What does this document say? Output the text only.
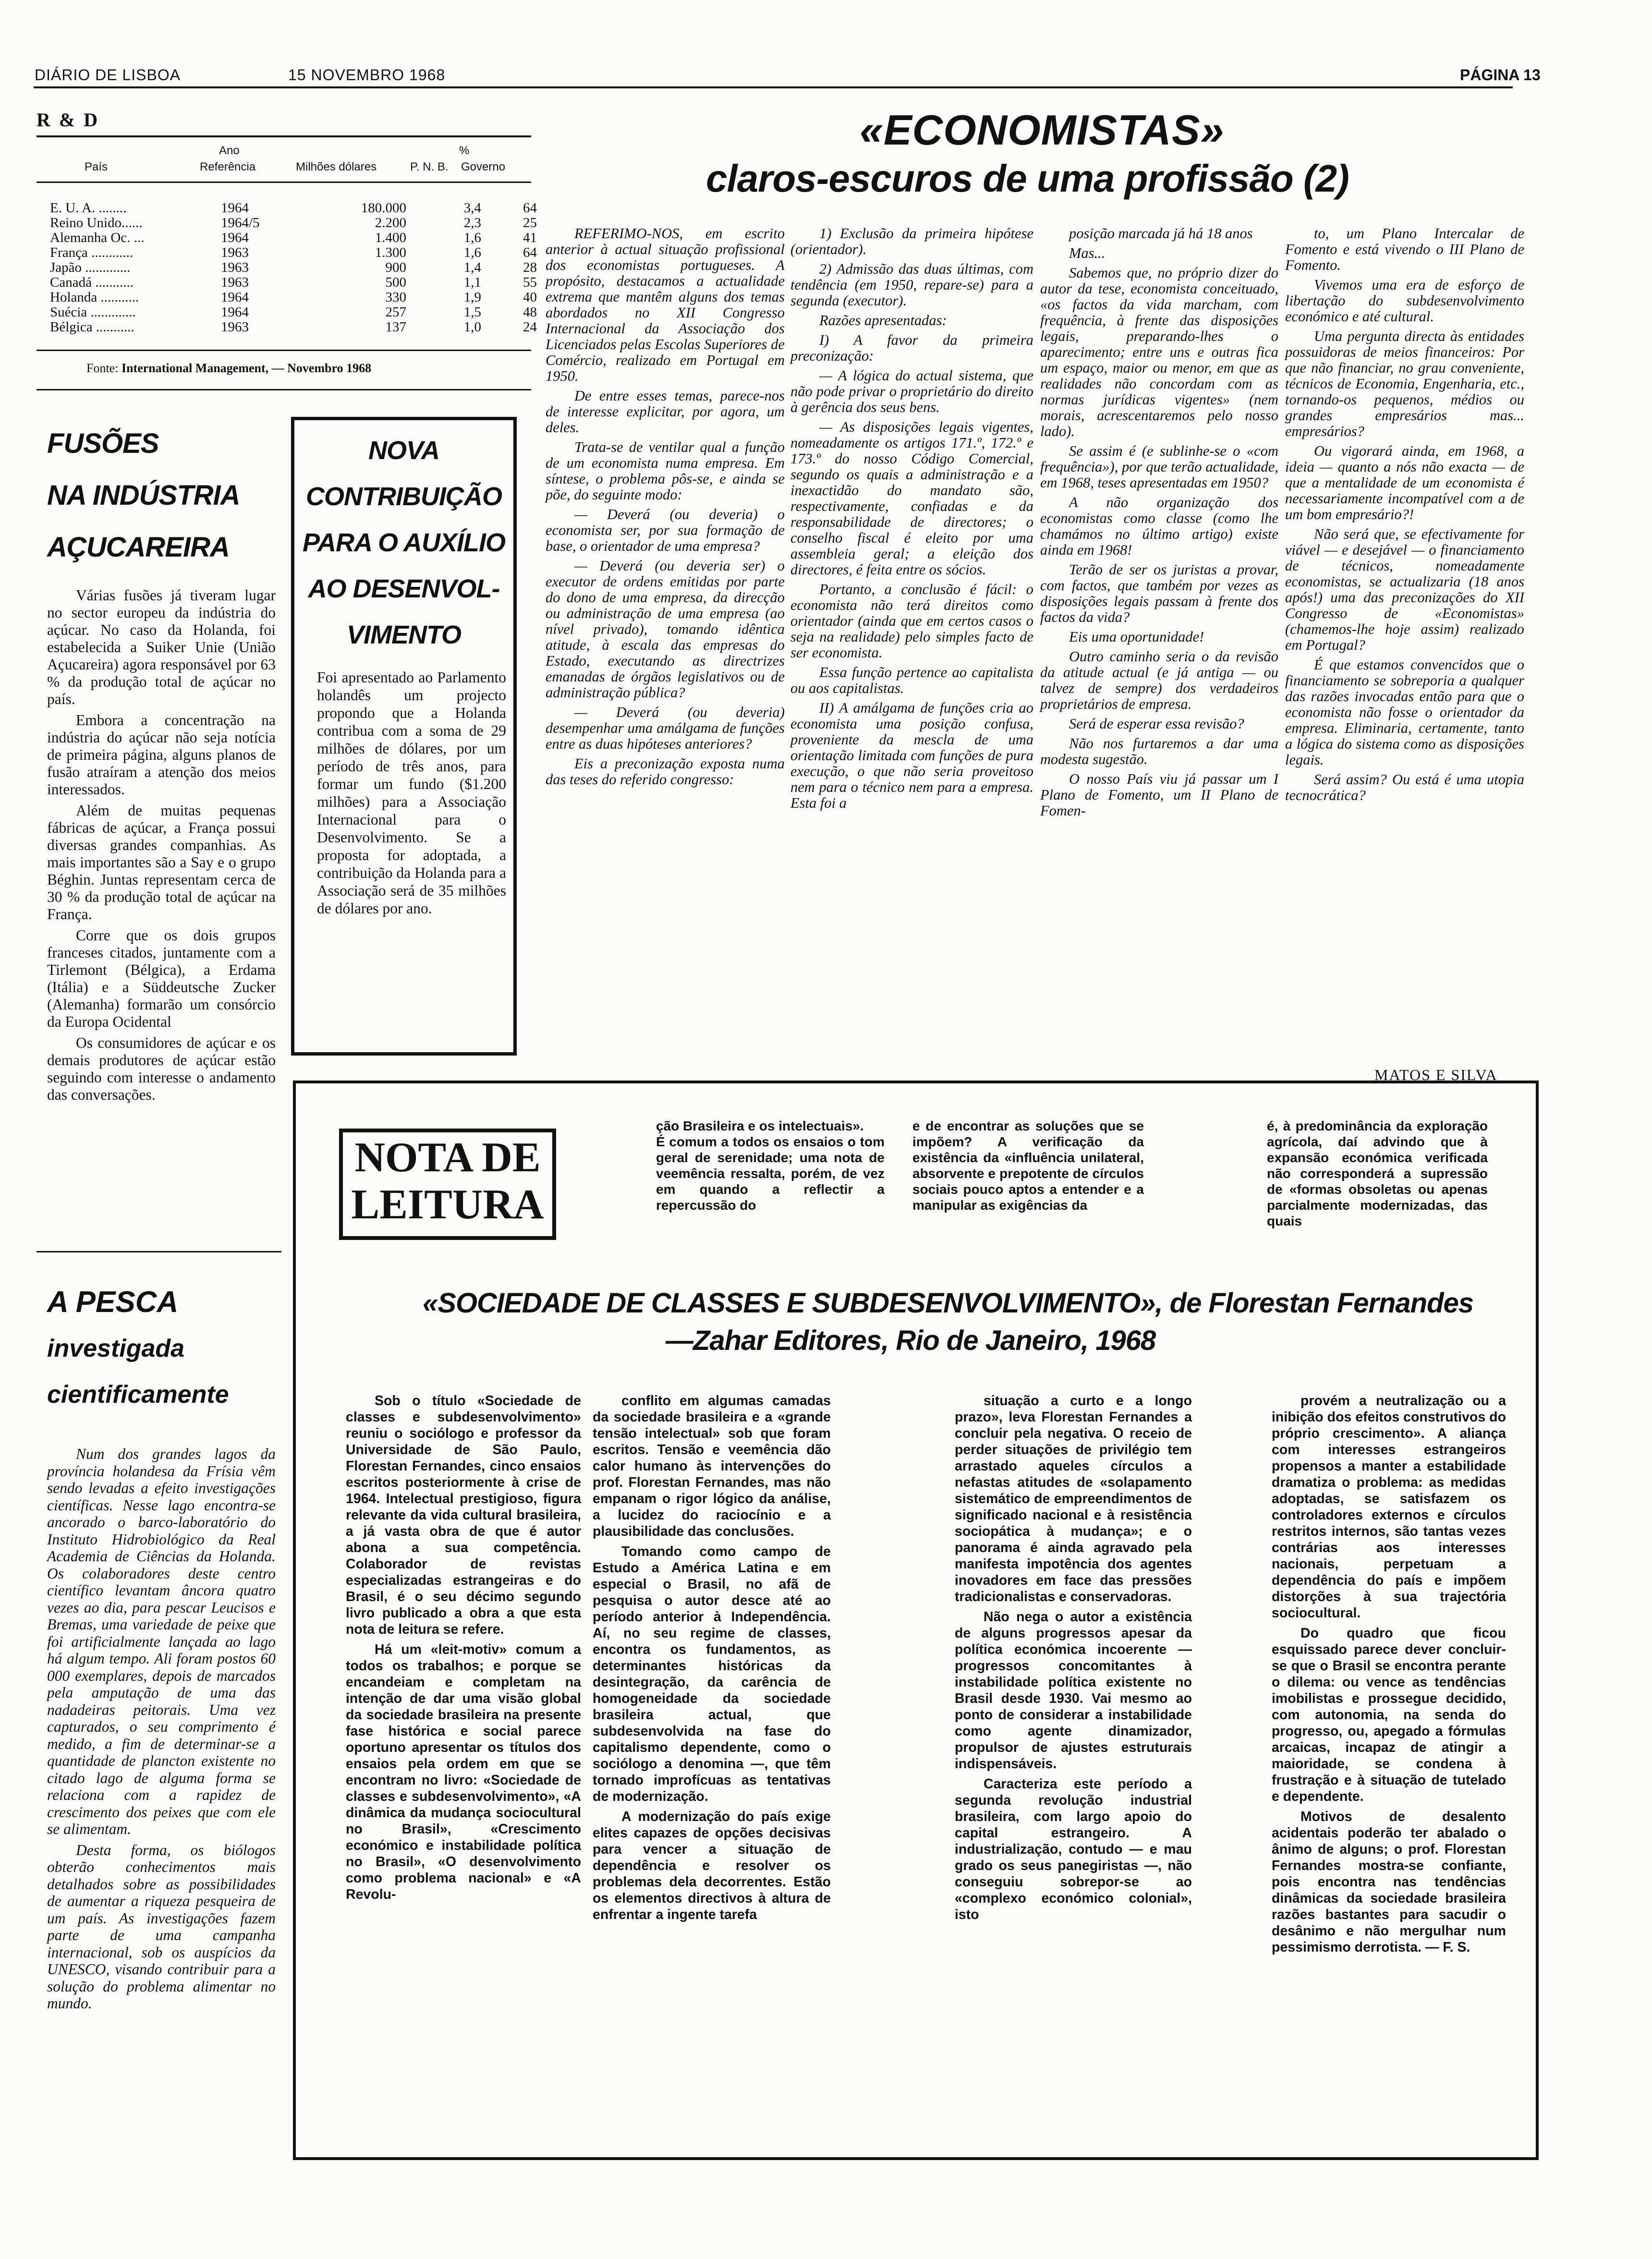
DIÁRIO DE LISBOA	15 NOVEMBRO 1968	PÁGINA 13
R & D
Ano	%
País	Referência	Milhões dólares	P. N. B. Governo
E. U. A. ........	1964	180.000	3,4	64
Reino Unido......	1964/5	2.200	2,3	25
Alemanha Oc. ...	1964	1.400	1,6	41
França ............	1963	1.300	1,6	64
Japão .............	1963	900	1,4	28
Canadá ...........	1963	500	1,1	55
Holanda ...........	1964	330	1,9	40
Suécia .............	1964	257	1,5	48
Bélgica ...........	1963	137	1,0	24
Fonte: International Management, — Novembro 1968
FUSÕES
NA INDÚSTRIA
AÇUCAREIRA

Várias fusões já tiveram lugar no sector europeu da indústria do açúcar. No caso da Holanda, foi estabelecida a Suiker Unie (União Açucareira) agora responsável por 63 % da produção total de açúcar no país.

Embora a concentração na indústria do açúcar não seja notícia de primeira página, alguns planos de fusão atraíram a atenção dos meios interessados.

Além de muitas pequenas fábricas de açúcar, a França possui diversas grandes companhias. As mais importantes são a Say e o grupo Béghin. Juntas representam cerca de 30 % da produção total de açúcar na França.

Corre que os dois grupos franceses citados, juntamente com a Tirlemont (Bélgica), a Erdama (Itália) e a Süddeutsche Zucker (Alemanha) formarão um consórcio da Europa Ocidental

Os consumidores de açúcar e os demais produtores de açúcar estão seguindo com interesse o andamento das conversações.

NOVA
CONTRIBUIÇÃO
PARA O AUXÍLIO
AO DESENVOL-
VIMENTO

Foi apresentado ao Parlamento holandês um projecto propondo que a Holanda contribua com a soma de 29 milhões de dólares, por um período de três anos, para formar um fundo ($1.200 milhões) para a Associação Internacional para o Desenvolvimento. Se a proposta for adoptada, a contribuição da Holanda para a Associação será de 35 milhões de dólares por ano.

«ECONOMISTAS»
claros-escuros de uma profissão (2)

REFERIMO-NOS, em escrito anterior à actual situação profissional dos economistas portugueses. A propósito, destacamos a actualidade extrema que mantêm alguns dos temas abordados no XII Congresso Internacional da Associação dos Licenciados pelas Escolas Superiores de Comércio, realizado em Portugal em 1950.

De entre esses temas, parece-nos de interesse explicitar, por agora, um deles.

Trata-se de ventilar qual a função de um economista numa empresa. Em síntese, o problema pôs-se, e ainda se põe, do seguinte modo:

— Deverá (ou deveria) o economista ser, por sua formação de base, o orientador de uma empresa?

— Deverá (ou deveria ser) o executor de ordens emitidas por parte do dono de uma empresa, da direcção ou administração de uma empresa (ao nível privado), tomando idêntica atitude, à escala das empresas do Estado, executando as directrizes emanadas de órgãos legislativos ou de administração pública?

— Deverá (ou deveria) desempenhar uma amálgama de funções entre as duas hipóteses anteriores?

Eis a preconização exposta numa das teses do referido congresso:

1) Exclusão da primeira hipótese (orientador).

2) Admissão das duas últimas, com tendência (em 1950, repare-se) para a segunda (executor).

Razões apresentadas:

I) A favor da primeira preconização:

— A lógica do actual sistema, que não pode privar o proprietário do direito à gerência dos seus bens.

— As disposições legais vigentes, nomeadamente os artigos 171.º, 172.º e 173.º do nosso Código Comercial, segundo os quais a administração e a inexactidão do mandato são, respectivamente, confiadas e da responsabilidade de directores; o conselho fiscal é eleito por uma assembleia geral; a eleição dos directores, é feita entre os sócios.

Portanto, a conclusão é fácil: o economista não terá direitos como orientador (ainda que em certos casos o seja na realidade) pelo simples facto de ser economista.

Essa função pertence ao capitalista ou aos capitalistas.

II) A amálgama de funções cria ao economista uma posição confusa, proveniente da mescla de uma orientação limitada com funções de pura execução, o que não seria proveitoso nem para o técnico nem para a empresa. Esta foi a

posição marcada já há 18 anos

Mas...

Sabemos que, no próprio dizer do autor da tese, economista conceituado, «os factos da vida marcham, com frequência, à frente das disposições legais, preparando-lhes o aparecimento; entre uns e outras fica um espaço, maior ou menor, em que as realidades não concordam com as normas jurídicas vigentes» (nem morais, acrescentaremos pelo nosso lado).

Se assim é (e sublinhe-se o «com frequência»), por que terão actualidade, em 1968, teses apresentadas em 1950?

A não organização dos economistas como classe (como lhe chamámos no último artigo) existe ainda em 1968!

Terão de ser os juristas a provar, com factos, que também por vezes as disposições legais passam à frente dos factos da vida?

Eis uma oportunidade!

Outro caminho seria o da revisão da atitude actual (e já antiga — ou talvez de sempre) dos verdadeiros proprietários de empresa.

Será de esperar essa revisão?

Não nos furtaremos a dar uma modesta sugestão.

O nosso País viu já passar um I Plano de Fomento, um II Plano de Fomen-

to, um Plano Intercalar de Fomento e está vivendo o III Plano de Fomento.

Vivemos uma era de esforço de libertação do subdesenvolvimento económico e até cultural.

Uma pergunta directa às entidades possuidoras de meios financeiros: Por que não financiar, no grau conveniente, técnicos de Economia, Engenharia, etc., tornando-os pequenos, médios ou grandes empresários mas... empresários?

Ou vigorará ainda, em 1968, a ideia — quanto a nós não exacta — de que a mentalidade de um economista é necessariamente incompatível com a de um bom empresário?!

Não será que, se efectivamente for viável — e desejável — o financiamento de técnicos, nomeadamente economistas, se actualizaria (18 anos após!) uma das preconizações do XII Congresso de «Economistas» (chamemos-lhe hoje assim) realizado em Portugal?

É que estamos convencidos que o financiamento se sobreporia a qualquer das razões invocadas então para que o economista não fosse o orientador da empresa. Eliminaria, certamente, tanto a lógica do sistema como as disposições legais.

Será assim? Ou está é uma utopia tecnocrática?

MATOS E SILVA
NOTA DE
LEITURA
ção Brasileira e os intelectuais».
É comum a todos os ensaios o tom geral de serenidade; uma nota de veemência ressalta, porém, de vez em quando a reflectir a repercussão do
e de encontrar as soluções que se impõem? A verificação da existência da «influência unilateral, absorvente e prepotente de círculos sociais pouco aptos a entender e a manipular as exigências da
é, à predominância da exploração agrícola, daí advindo que à expansão económica verificada não corresponderá a supressão de «formas obsoletas ou apenas parcialmente modernizadas, das quais
«SOCIEDADE DE CLASSES E SUBDESENVOLVIMENTO», de Florestan Fernandes
—Zahar Editores, Rio de Janeiro, 1968

Sob o título «Sociedade de classes e subdesenvolvimento» reuniu o sociólogo e professor da Universidade de São Paulo, Florestan Fernandes, cinco ensaios escritos posteriormente à crise de 1964. Intelectual prestigioso, figura relevante da vida cultural brasileira, a já vasta obra de que é autor abona a sua competência. Colaborador de revistas especializadas estrangeiras e do Brasil, é o seu décimo segundo livro publicado a obra a que esta nota de leitura se refere.

Há um «leit-motiv» comum a todos os trabalhos; e porque se encandeiam e completam na intenção de dar uma visão global da sociedade brasileira na presente fase histórica e social parece oportuno apresentar os títulos dos ensaios pela ordem em que se encontram no livro: «Sociedade de classes e subdesenvolvimento», «A dinâmica da mudança sociocultural no Brasil», «Crescimento económico e instabilidade política no Brasil», «O desenvolvimento como problema nacional» e «A Revolu-

conflito em algumas camadas da sociedade brasileira e a «grande tensão intelectual» sob que foram escritos. Tensão e veemência dão calor humano às intervenções do prof. Florestan Fernandes, mas não empanam o rigor lógico da análise, a lucidez do raciocínio e a plausibilidade das conclusões.

Tomando como campo de Estudo a América Latina e em especial o Brasil, no afã de pesquisa o autor desce até ao período anterior à Independência. Aí, no seu regime de classes, encontra os fundamentos, as determinantes históricas da desintegração, da carência de homogeneidade da sociedade brasileira actual, que subdesenvolvida na fase do capitalismo dependente, como o sociólogo a denomina —, que têm tornado improfícuas as tentativas de modernização.

A modernização do país exige elites capazes de opções decisivas para vencer a situação de dependência e resolver os problemas dela decorrentes. Estão os elementos directivos à altura de enfrentar a ingente tarefa

situação a curto e a longo prazo», leva Florestan Fernandes a concluir pela negativa. O receio de perder situações de privilégio tem arrastado aqueles círculos a nefastas atitudes de «solapamento sistemático de empreendimentos de significado nacional e à resistência sociopática à mudança»; e o panorama é ainda agravado pela manifesta impotência dos agentes inovadores em face das pressões tradicionalistas e conservadoras.

Não nega o autor a existência de alguns progressos apesar da política económica incoerente — progressos concomitantes à instabilidade política existente no Brasil desde 1930. Vai mesmo ao ponto de considerar a instabilidade como agente dinamizador, propulsor de ajustes estruturais indispensáveis.

Caracteriza este período a segunda revolução industrial brasileira, com largo apoio do capital estrangeiro. A industrialização, contudo — e mau grado os seus panegiristas —, não conseguiu sobrepor-se ao «complexo económico colonial», isto

provém a neutralização ou a inibição dos efeitos construtivos do próprio crescimento». A aliança com interesses estrangeiros propensos a manter a estabilidade dramatiza o problema: as medidas adoptadas, se satisfazem os controladores externos e círculos restritos internos, são tantas vezes contrárias aos interesses nacionais, perpetuam a dependência do país e impõem distorções à sua trajectória sociocultural.

Do quadro que ficou esquissado parece dever concluir-se que o Brasil se encontra perante o dilema: ou vence as tendências imobilistas e prossegue decidido, com autonomia, na senda do progresso, ou, apegado a fórmulas arcaicas, incapaz de atingir a maioridade, se condena à frustração e à situação de tutelado e dependente.

Motivos de desalento acidentais poderão ter abalado o ânimo de alguns; o prof. Florestan Fernandes mostra-se confiante, pois encontra nas tendências dinâmicas da sociedade brasileira razões bastantes para sacudir o desânimo e não mergulhar num pessimismo derrotista. — F. S.

A PESCA
investigada
cientificamente

Num dos grandes lagos da província holandesa da Frísia vêm sendo levadas a efeito investigações científicas. Nesse lago encontra-se ancorado o barco-laboratório do Instituto Hidrobiológico da Real Academia de Ciências da Holanda. Os colaboradores deste centro científico levantam âncora quatro vezes ao dia, para pescar Leucisos e Bremas, uma variedade de peixe que foi artificialmente lançada ao lago há algum tempo. Ali foram postos 60 000 exemplares, depois de marcados pela amputação de uma das nadadeiras peitorais. Uma vez capturados, o seu comprimento é medido, a fim de determinar-se a quantidade de plancton existente no citado lago de alguma forma se relaciona com a rapidez de crescimento dos peixes que com ele se alimentam.

Desta forma, os biólogos obterão conhecimentos mais detalhados sobre as possibilidades de aumentar a riqueza pesqueira de um país. As investigações fazem parte de uma campanha internacional, sob os auspícios da UNESCO, visando contribuir para a solução do problema alimentar no mundo.
